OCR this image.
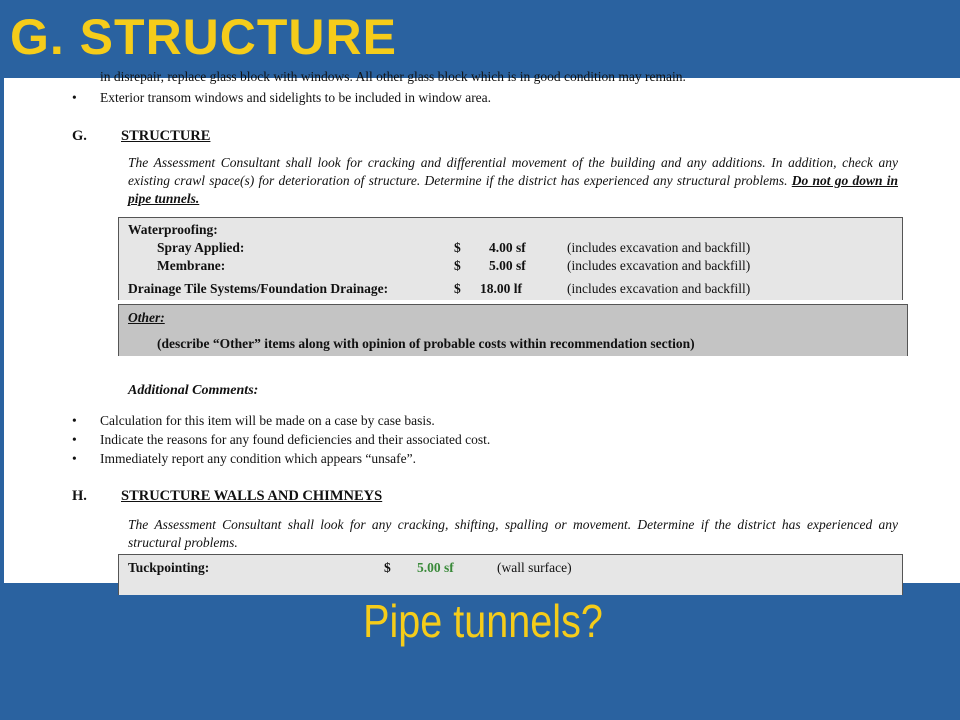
G. STRUCTURE
in disrepair, replace glass block with windows. All other glass block which is in good condition may remain.
• Exterior transom windows and sidelights to be included in window area.
G. STRUCTURE
The Assessment Consultant shall look for cracking and differential movement of the building and any additions. In addition, check any existing crawl space(s) for deterioration of structure. Determine if the district has experienced any structural problems. Do not go down in pipe tunnels.
Waterproofing:
Spray Applied:	$ 4.00 sf	(includes excavation and backfill)
Membrane:	$ 5.00 sf	(includes excavation and backfill)
Drainage Tile Systems/Foundation Drainage:	$ 18.00 lf	(includes excavation and backfill)
Other:
(describe “Other” items along with opinion of probable costs within recommendation section)
Additional Comments:
• Calculation for this item will be made on a case by case basis.
• Indicate the reasons for any found deficiencies and their associated cost.
• Immediately report any condition which appears “unsafe”.
H. STRUCTURE WALLS AND CHIMNEYS
The Assessment Consultant shall look for any cracking, shifting, spalling or movement. Determine if the district has experienced any structural problems.
Tuckpointing:	$ 5.00 sf	(wall surface)
Pipe tunnels?
